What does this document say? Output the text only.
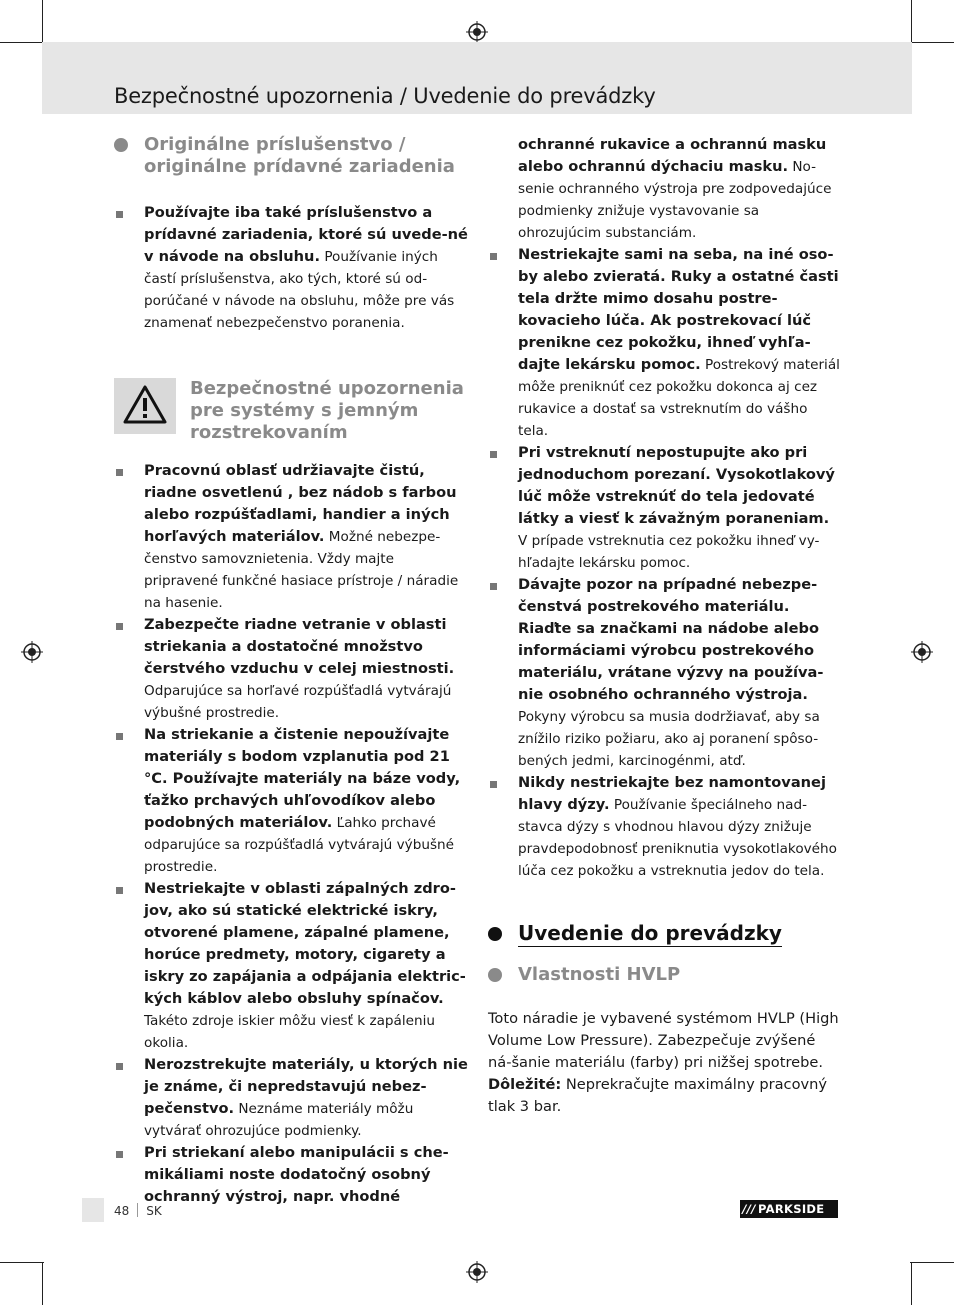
Bezpečnostné upozornenia / Uvedenie do prevádzky
Originálne príslušenstvo / originálne prídavné zariadenia
Používajte iba také príslušenstvo a prídavné zariadenia, ktoré sú uvede-né v návode na obsluhu. Používanie iných častí príslušenstva, ako tých, ktoré sú od-porúčané v návode na obsluhu, môže pre vás znamenať nebezpečenstvo poranenia.
Bezpečnostné upozornenia pre systémy s jemným rozstrekovaním
Pracovnú oblasť udržiavajte čistú, riadne osvetlenú , bez nádob s farbou alebo rozpúšťadlami, handier a iných horľavých materiálov. Možné nebezpe-čenstvo samovznietenia. Vždy majte pripravené funkčné hasiace prístroje / náradie na hasenie.
Zabezpečte riadne vetranie v oblasti striekania a dostatočné množstvo čerstvého vzduchu v celej miestnosti. Odparujúce sa horľavé rozpúšťadlá vytvárajú výbušné prostredie.
Na striekanie a čistenie nepoužívajte materiály s bodom vzplanutia pod 21 °C. Používajte materiály na báze vody, ťažko prchavých uhľovodíkov alebo podobných materiálov. Ľahko prchavé odparujúce sa rozpúšťadlá vytvárajú výbušné prostredie.
Nestriekajte v oblasti zápalných zdro-jov, ako sú statické elektrické iskry, otvorené plamene, zápalné plamene, horúce predmety, motory, cigarety a iskry zo zapájania a odpájania elektric-kých káblov alebo obsluhy spínačov. Takéto zdroje iskier môžu viesť k zapáleniu okolia.
Nerozstrekujte materiály, u ktorých nie je známe, či nepredstavujú nebez-pečenstvo. Neznáme materiály môžu vytvárať ohrozujúce podmienky.
Pri striekaní alebo manipulácii s che-mikáliami noste dodatočný osobný ochranný výstroj, napr. vhodné
ochranné rukavice a ochrannú masku alebo ochrannú dýchaciu masku. No-senie ochranného výstroja pre zodpovedajúce podmienky znižuje vystavovanie sa ohrozujúcim substanciám.
Nestriekajte sami na seba, na iné oso-by alebo zvieratá. Ruky a ostatné časti tela držte mimo dosahu postre-kovacieho lúča. Ak postrekovací lúč prenikne cez pokožku, ihneď vyhľa-dajte lekársku pomoc. Postrekový materiál môže preniknúť cez pokožku dokonca aj cez rukavice a dostať sa vstreknutím do vášho tela.
Pri vstreknutí nepostupujte ako pri jednoduchom porezaní. Vysokotlakový lúč môže vstreknúť do tela jedovaté látky a viesť k závažným poraneniam. V prípade vstreknutia cez pokožku ihneď vy-hľadajte lekársku pomoc.
Dávajte pozor na prípadné nebezpe-čenstvá postrekového materiálu. Riaďte sa značkami na nádobe alebo informáciami výrobcu postrekového materiálu, vrátane výzvy na používa-nie osobného ochranného výstroja. Pokyny výrobcu sa musia dodržiavať, aby sa znížilo riziko požiaru, ako aj poranení spôso-bených jedmi, karcinogénmi, atď.
Nikdy nestriekajte bez namontovanej hlavy dýzy. Používanie špeciálneho nad-stavca dýzy s vhodnou hlavou dýzy znižuje pravdepodobnosť preniknutia vysokotlakového lúča cez pokožku a vstreknutia jedov do tela.
Uvedenie do prevádzky
Vlastnosti HVLP
Toto náradie je vybavené systémom HVLP (High Volume Low Pressure). Zabezpečuje zvýšené ná-šanie materiálu (farby) pri nižšej spotrebe.
Dôležité: Neprekračujte maximálny pracovný tlak 3 bar.
48 SK	/// PARKSIDE
